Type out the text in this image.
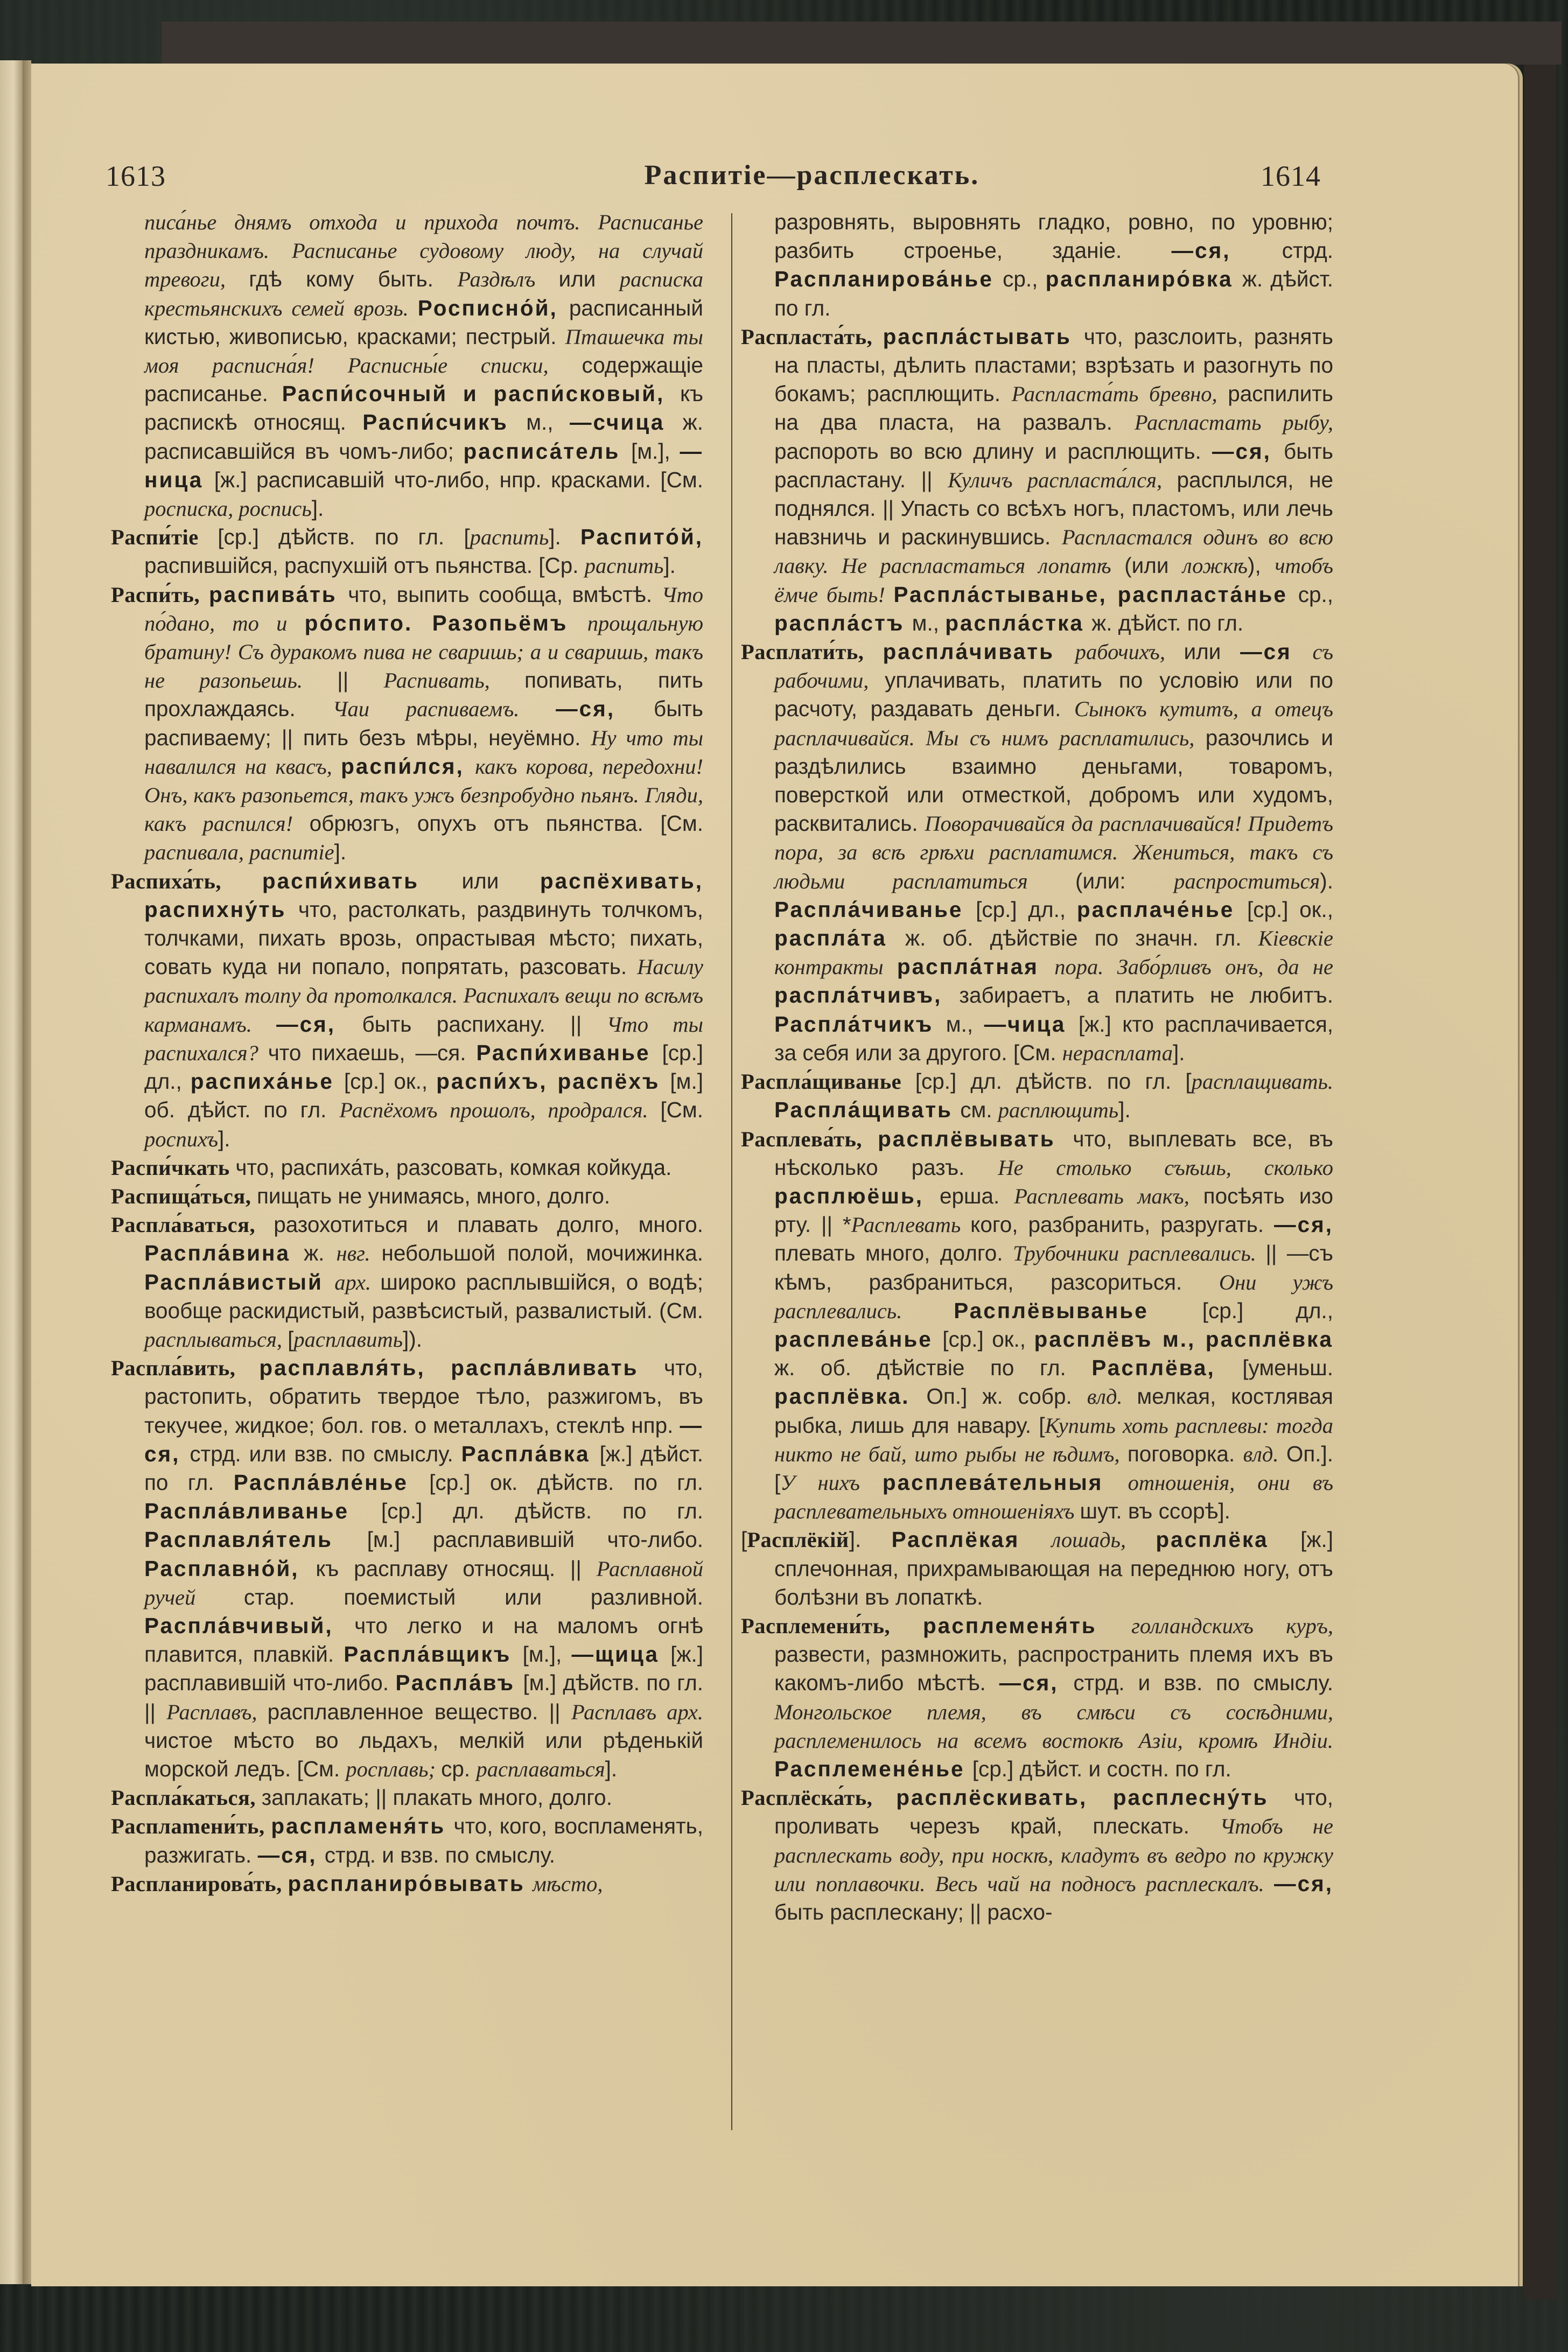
1613	Распитіе—расплескать.	1614

писа́нье днямъ отхода и прихода почтъ. Расписанье праздникамъ. Расписанье судовому люду, на случай тревоги, гдѣ кому быть. Раздѣлъ или расписка крестьянскихъ семей врозь. Росписно́й, расписанный кистью, живописью, красками; пестрый. Пташечка ты моя расписна́я! Расписны́е списки, содержащіе расписанье. Распи́сочный и распи́сковый, къ распискѣ относящ. Распи́счикъ м., —счица ж. расписавшійся въ чомъ-либо; расписа́тель [м.], —ница [ж.] расписавшій что-либо, нпр. красками. [См. росписка, роспись].

Распи́тіе [ср.] дѣйств. по гл. [распить]. Распито́й, распившійся, распухшій отъ пьянства. [Ср. распить].

Распи́ть, распива́ть что, выпить сообща, вмѣстѣ. Что по́дано, то и ро́спито. Разопьёмъ прощальную братину! Съ дуракомъ пива не сваришь; а и сваришь, такъ не разопьешь. || Распивать, попивать, пить прохлаждаясь. Чаи распиваемъ. —ся, быть распиваему; || пить безъ мѣры, неуёмно. Ну что ты навалился на квасъ, распи́лся, какъ корова, передохни! Онъ, какъ разопьется, такъ ужъ безпробудно пьянъ. Гляди, какъ распился! обрюзгъ, опухъ отъ пьянства. [См. распивала, распитіе].

Распиха́ть, распи́хивать или распёхивать, распихну́ть что, растолкать, раздвинуть толчкомъ, толчками, пихать врозь, опрастывая мѣсто; пихать, совать куда ни попало, попрятать, разсовать. Насилу распихалъ толпу да протолкался. Распихалъ вещи по всѣмъ карманамъ. —ся, быть распихану. || Что ты распихался? что пихаешь, —ся. Распи́хиванье [ср.] дл., распиха́нье [ср.] ок., распи́хъ, распёхъ [м.] об. дѣйст. по гл. Распёхомъ прошолъ, продрался. [См. роспихъ].

Распи́чкать что, распиха́ть, разсовать, комкая койкуда.

Распища́ться, пищать не унимаясь, много, долго.

Распла́ваться, разохотиться и плавать долго, много. Распла́вина ж. нвг. небольшой полой, мочижинка. Распла́вистый арх. широко расплывшійся, о водѣ; вообще раскидистый, развѣсистый, развалистый. (См. расплываться, [расплавить]).

Распла́вить, расплавля́ть, распла́вливать что, растопить, обратить твердое тѣло, разжигомъ, въ текучее, жидкое; бол. гов. о металлахъ, стеклѣ нпр. —ся, стрд. или взв. по смыслу. Распла́вка [ж.] дѣйст. по гл. Распла́вле́нье [ср.] ок. дѣйств. по гл. Распла́вливанье [ср.] дл. дѣйств. по гл. Расплавля́тель [м.] расплавившій что-либо. Расплавно́й, къ расплаву относящ. || Расплавной ручей стар. поемистый или разливной. Распла́вчивый, что легко и на маломъ огнѣ плавится, плавкій. Распла́вщикъ [м.], —щица [ж.] расплавившій что-либо. Распла́въ [м.] дѣйств. по гл. || Расплавъ, расплавленное вещество. || Расплавъ арх. чистое мѣсто во льдахъ, мелкій или рѣденькій морской ледъ. [См. росплавь; ср. расплаваться].

Распла́каться, заплакать; || плакать много, долго.

Расплameни́ть, распламеня́ть что, кого, воспламенять, разжигать. —ся, стрд. и взв. по смыслу.

Распланирова́ть, распланиро́вывать мѣсто,

разровнять, выровнять гладко, ровно, по уровню; разбить строенье, зданіе. —ся, стрд. Распланирова́нье ср., распланиро́вка ж. дѣйст. по гл.

Распласта́ть, распла́стывать что, разслоить, разнять на пласты, дѣлить пластами; взрѣзать и разогнуть по бокамъ; расплющить. Распласта́ть бревно, распилить на два пласта, на развалъ. Распластать рыбу, распороть во всю длину и расплющить. —ся, быть распластану. || Куличъ распласта́лся, расплылся, не поднялся. || Упасть со всѣхъ ногъ, пластомъ, или лечь навзничь и раскинувшись. Распластался одинъ во всю лавку. Не распластаться лопатѣ (или ложкѣ), чтобъ ёмче быть! Распла́стыванье, распласта́нье ср., распла́стъ м., распла́стка ж. дѣйст. по гл.

Расплати́ть, распла́чивать рабочихъ, или —ся съ рабочими, уплачивать, платить по условію или по расчоту, раздавать деньги. Сынокъ кутитъ, а отецъ расплачивайся. Мы съ нимъ расплатились, разочлись и раздѣлились взаимно деньгами, товаромъ, поверсткой или отместкой, добромъ или худомъ, расквитались. Поворачивайся да расплачивайся! Придетъ пора, за всѣ грѣхи расплатимся. Жениться, такъ съ людьми расплатиться (или: распроститься). Распла́чиванье [ср.] дл., расплаче́нье [ср.] ок., распла́та ж. об. дѣйствіе по значн. гл. Кіевскіе контракты распла́тная пора. Забо́рливъ онъ, да не распла́тчивъ, забираетъ, а платить не любитъ. Распла́тчикъ м., —чица [ж.] кто расплачивается, за себя или за другого. [См. нерасплата].

Распла́щиванье [ср.] дл. дѣйств. по гл. [расплащивать. Распла́щивать см. расплющить].

Расплева́ть, расплёвывать что, выплевать все, въ нѣсколько разъ. Не столько съѣшь, сколько расплюёшь, ерша. Расплевать макъ, посѣять изо рту. || *Расплевать кого, разбранить, разругать. —ся, плевать много, долго. Трубочники расплевались. || —съ кѣмъ, разбраниться, разсориться. Они ужъ расплевались. Расплёвыванье [ср.] дл., расплева́нье [ср.] ок., расплёвъ м., расплёвка ж. об. дѣйствіе по гл. Расплёва, [уменьш. расплёвка. Оп.] ж. собр. влд. мелкая, костлявая рыбка, лишь для навару. [Купить хоть расплевы: тогда никто не бай, што рыбы не ѣдимъ, поговорка. влд. Оп.]. [У нихъ расплева́тельныя отношенія, они въ расплевательныхъ отношеніяхъ шут. въ ссорѣ].

[Расплёкій]. Расплёкая лошадь, расплёка [ж.] сплечонная, прихрамывающая на переднюю ногу, отъ болѣзни въ лопаткѣ.

Расплемени́ть, расплеменя́ть голландскихъ куръ, развести, размножить, распространить племя ихъ въ какомъ-либо мѣстѣ. —ся, стрд. и взв. по смыслу. Монгольское племя, въ смѣси съ сосѣдними, расплеменилось на всемъ востокѣ Азіи, кромѣ Индіи. Расплемене́нье [ср.] дѣйст. и состн. по гл.

Расплёска́ть, расплёскивать, расплесну́ть что, проливать черезъ край, плескать. Чтобъ не расплескать воду, при носкѣ, кладутъ въ ведро по кружку или поплавочки. Весь чай на подносъ расплескалъ. —ся, быть расплескану; || расхо-
